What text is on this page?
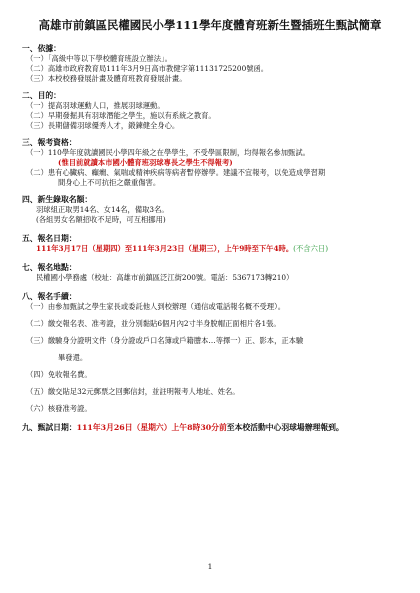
高雄市前鎮區民權國民小學111學年度體育班新生暨插班生甄試簡章
一、依據：
（一）「高級中等以下學校體育班設立辦法」。
（二）高雄市政府教育局111年3月9日高市教健字第11131725200號函。
（三）本校校務發展計畫及體育班教育發展計畫。
二、目的：
（一）提高羽球運動人口，推展羽球運動。
（二）早期發掘具有羽球潛能之學生，施以有系統之教育。
（三）長期儲備羽球優秀人才，鍛鍊健全身心。
三、報考資格：
（一）110學年度就讀國民小學四年級之在學學生，不受學區限制，均得報名參加甄試。
(惟目前就讀本市國小體育班羽球專長之學生不得報考)
（二）患有心臟病、癲癇、氣喘或精神疾病等病者暫停辦學。建議不宜報考，以免造成學習期
間身心上不可抗拒之嚴重傷害。
四、新生錄取名額：
羽球組正取男14名、女14名，備取3名。
(各組男女名額招收不足時，可互相挪用)
五、報名日期：
111年3月17日（星期四）至111年3月23日（星期三），上午9時至下午4時。(不含六日)
七、報名地點：
民權國小學務處（校址：高雄市前鎮區泛江街200號。電話：5367173轉210）
八、報名手續：
（一）由參加甄試之學生家長或委託他人到校辦理（通信或電話報名概不受理）。
（二）繳交報名表、准考證，並分別黏貼6個月內2寸半身脫帽正面相片各1張。
（三）繳驗身分證明文件（身分證或戶口名簿或戶籍謄本…等擇一）正、影本，正本驗
畢發還。
（四）免收報名費。
（五）繳交貼足32元郵票之回郵信封，並註明報考人地址、姓名。
（六）核發准考證。
九、甄試日期：111年3月26日（星期六）上午8時30分前至本校活動中心羽球場辦理報到。
1
